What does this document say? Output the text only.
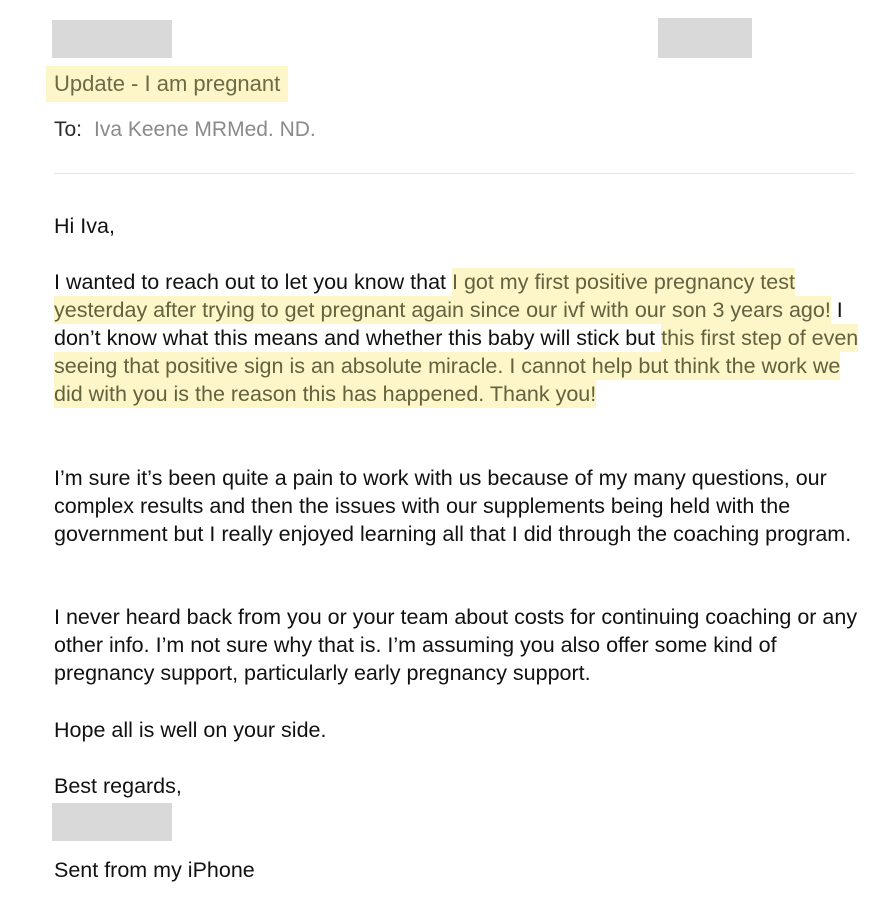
Update - I am pregnant
To: Iva Keene MRMed. ND.
Hi Iva,
I wanted to reach out to let you know that I got my first positive pregnancy test yesterday after trying to get pregnant again since our ivf with our son 3 years ago! I don’t know what this means and whether this baby will stick but this first step of even seeing that positive sign is an absolute miracle. I cannot help but think the work we did with you is the reason this has happened. Thank you!
I’m sure it’s been quite a pain to work with us because of my many questions, our complex results and then the issues with our supplements being held with the government but I really enjoyed learning all that I did through the coaching program.
I never heard back from you or your team about costs for continuing coaching or any other info. I’m not sure why that is. I’m assuming you also offer some kind of pregnancy support, particularly early pregnancy support.
Hope all is well on your side.
Best regards,
Sent from my iPhone
